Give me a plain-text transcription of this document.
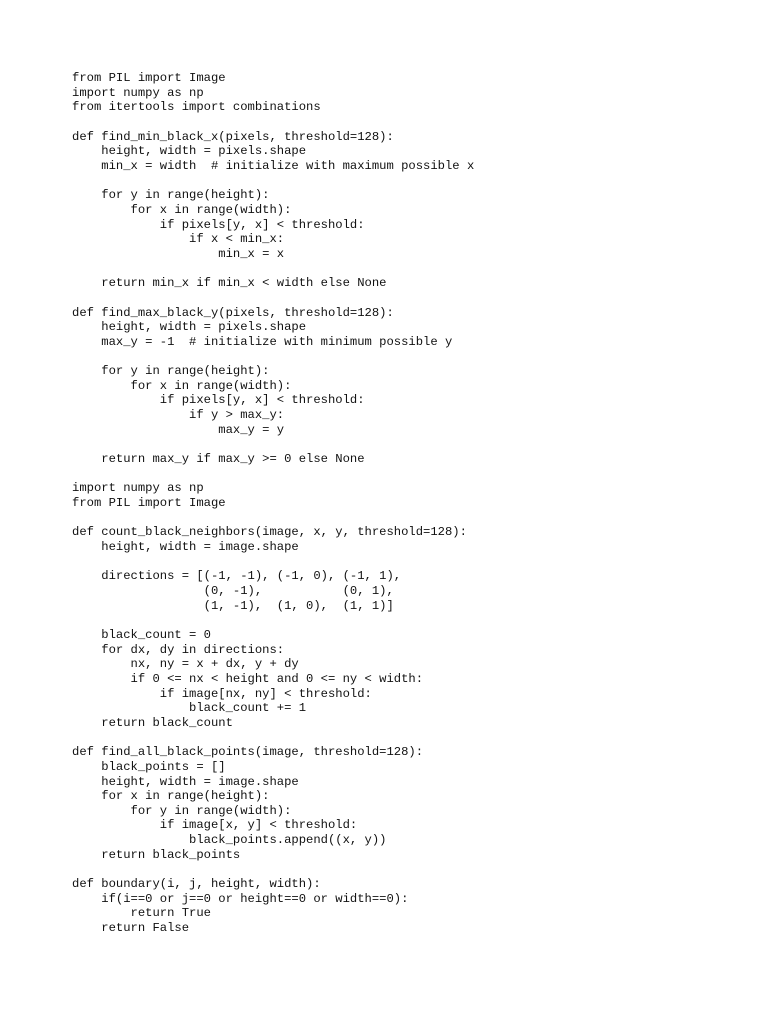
from PIL import Image
import numpy as np
from itertools import combinations
def find_min_black_x(pixels, threshold=128):
height, width = pixels.shape
min_x = width  # initialize with maximum possible x
for y in range(height):
for x in range(width):
if pixels[y, x] < threshold:
if x < min_x:
min_x = x
return min_x if min_x < width else None
def find_max_black_y(pixels, threshold=128):
height, width = pixels.shape
max_y = -1  # initialize with minimum possible y
for y in range(height):
for x in range(width):
if pixels[y, x] < threshold:
if y > max_y:
max_y = y
return max_y if max_y >= 0 else None
import numpy as np
from PIL import Image
def count_black_neighbors(image, x, y, threshold=128):
height, width = image.shape
directions = [(-1, -1), (-1, 0), (-1, 1),
(0, -1),           (0, 1),
(1, -1),  (1, 0),  (1, 1)]
black_count = 0
for dx, dy in directions:
nx, ny = x + dx, y + dy
if 0 <= nx < height and 0 <= ny < width:
if image[nx, ny] < threshold:
black_count += 1
return black_count
def find_all_black_points(image, threshold=128):
black_points = []
height, width = image.shape
for x in range(height):
for y in range(width):
if image[x, y] < threshold:
black_points.append((x, y))
return black_points
def boundary(i, j, height, width):
if(i==0 or j==0 or height==0 or width==0):
return True
return False
